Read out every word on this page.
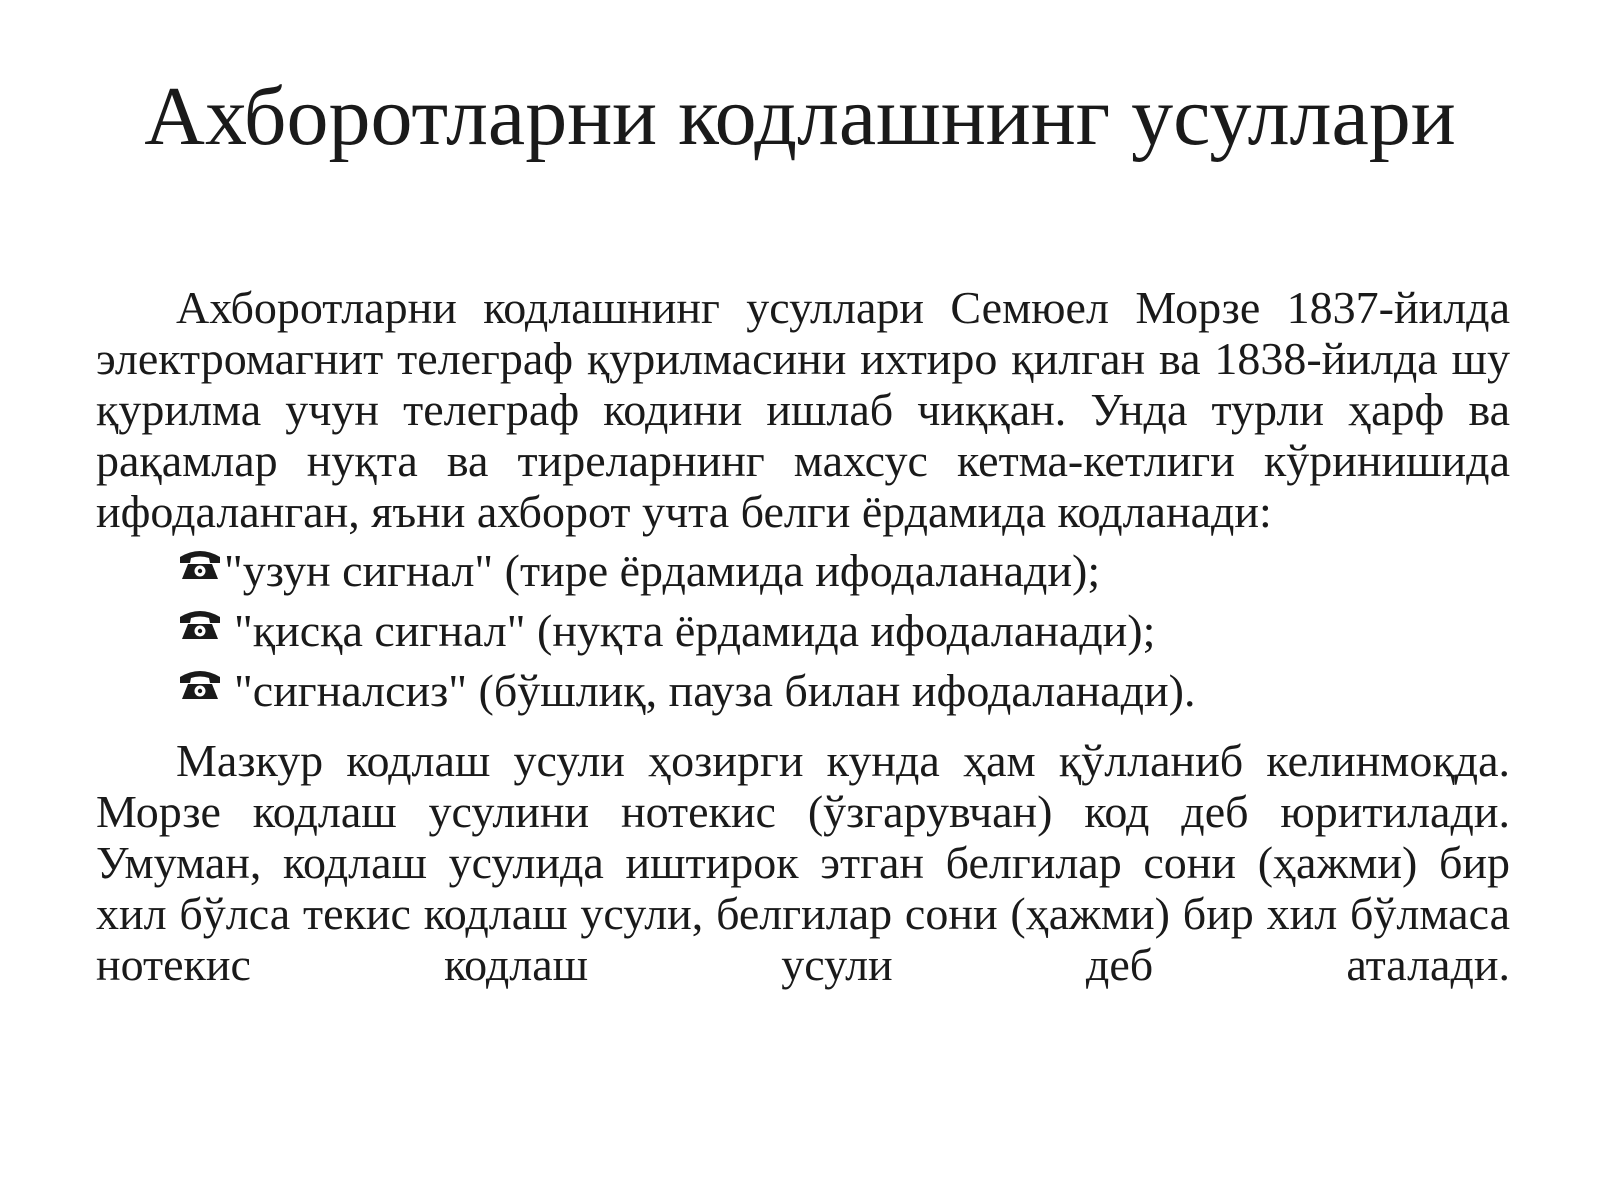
Ахборотларни кодлашнинг усуллари

Ахборотларни кодлашнинг усуллари Семюел Морзе 1837-йилда электромагнит телеграф қурилмасини ихтиро қилган ва 1838-йилда шу қурилма учун телеграф кодини ишлаб чиққан. Унда турли ҳарф ва рақамлар нуқта ва тиреларнинг махсус кетма-кетлиги кўринишида ифодаланган, яъни ахборот учта белги ёрдамида кодланади:

"узун сигнал" (тире ёрдамида ифодаланади);
"қисқа сигнал" (нуқта ёрдамида ифодаланади);
"сигналсиз" (бўшлиқ, пауза билан ифодаланади).

Мазкур кодлаш усули ҳозирги кунда ҳам қўлланиб келинмоқда. Морзе кодлаш усулини нотекис (ўзгарувчан) код деб юритилади. Умуман, кодлаш усулида иштирок этган белгилар сони (ҳажми) бир хил бўлса текис кодлаш усули, белгилар сони (ҳажми) бир хил бўлмаса нотекис кодлаш усули деб аталади.
